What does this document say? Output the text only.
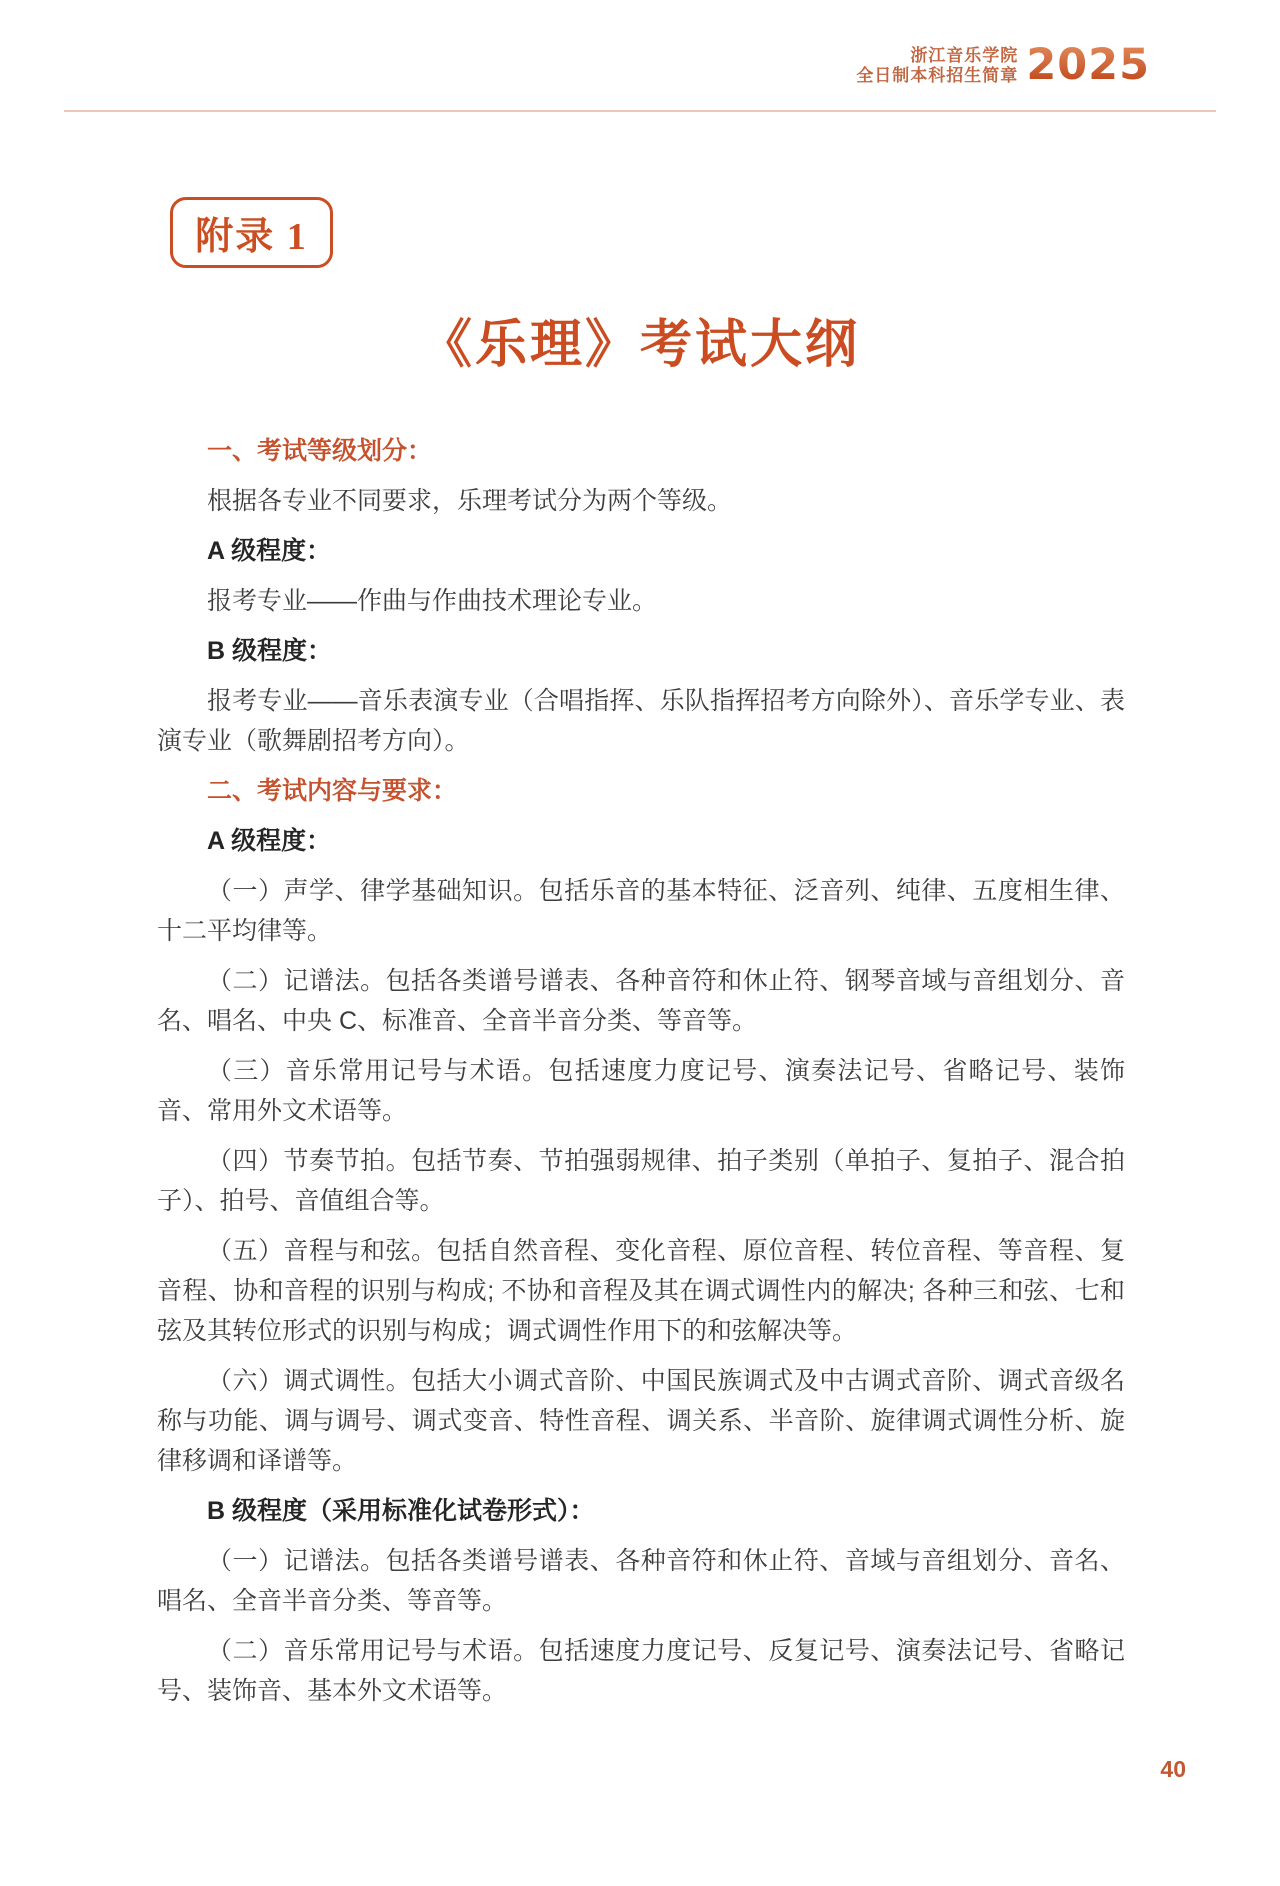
浙江音乐学院
全日制本科招生简章 2025
附录 1
《乐理》考试大纲

一、考试等级划分：

根据各专业不同要求，乐理考试分为两个等级。

A 级程度：

报考专业——作曲与作曲技术理论专业。

B 级程度：

报考专业——音乐表演专业（合唱指挥、乐队指挥招考方向除外）、音乐学专业、表演专业（歌舞剧招考方向）。

二、考试内容与要求：

A 级程度：

（一）声学、律学基础知识。包括乐音的基本特征、泛音列、纯律、五度相生律、十二平均律等。

（二）记谱法。包括各类谱号谱表、各种音符和休止符、钢琴音域与音组划分、音名、唱名、中央 C、标准音、全音半音分类、等音等。

（三）音乐常用记号与术语。包括速度力度记号、演奏法记号、省略记号、装饰音、常用外文术语等。

（四）节奏节拍。包括节奏、节拍强弱规律、拍子类别（单拍子、复拍子、混合拍子）、拍号、音值组合等。

（五）音程与和弦。包括自然音程、变化音程、原位音程、转位音程、等音程、复音程、协和音程的识别与构成; 不协和音程及其在调式调性内的解决; 各种三和弦、七和弦及其转位形式的识别与构成；调式调性作用下的和弦解决等。

（六）调式调性。包括大小调式音阶、中国民族调式及中古调式音阶、调式音级名称与功能、调与调号、调式变音、特性音程、调关系、半音阶、旋律调式调性分析、旋律移调和译谱等。

B 级程度（采用标准化试卷形式）：

（一）记谱法。包括各类谱号谱表、各种音符和休止符、音域与音组划分、音名、唱名、全音半音分类、等音等。

（二）音乐常用记号与术语。包括速度力度记号、反复记号、演奏法记号、省略记号、装饰音、基本外文术语等。

40
